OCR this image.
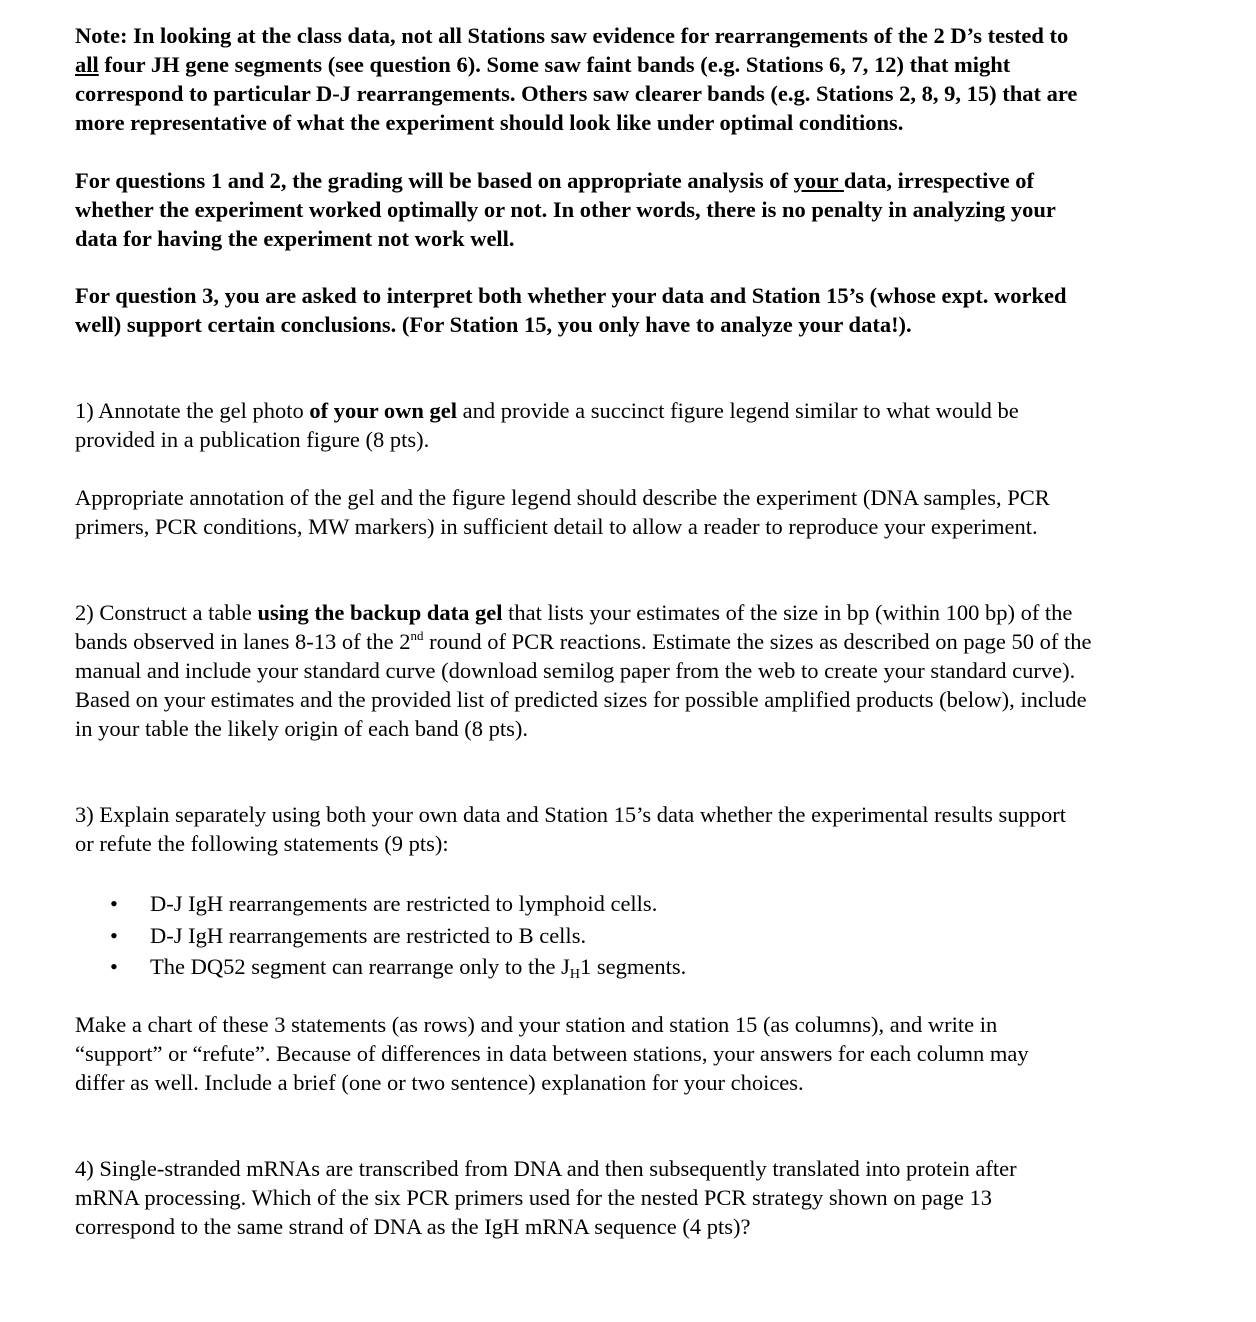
Note: In looking at the class data, not all Stations saw evidence for rearrangements of the 2 D’s tested to
all four JH gene segments (see question 6). Some saw faint bands (e.g. Stations 6, 7, 12) that might
correspond to particular D-J rearrangements. Others saw clearer bands (e.g. Stations 2, 8, 9, 15) that are
more representative of what the experiment should look like under optimal conditions.
For questions 1 and 2, the grading will be based on appropriate analysis of your data, irrespective of
whether the experiment worked optimally or not. In other words, there is no penalty in analyzing your
data for having the experiment not work well.
For question 3, you are asked to interpret both whether your data and Station 15’s (whose expt. worked
well) support certain conclusions. (For Station 15, you only have to analyze your data!).
1) Annotate the gel photo of your own gel and provide a succinct figure legend similar to what would be
provided in a publication figure (8 pts).
Appropriate annotation of the gel and the figure legend should describe the experiment (DNA samples, PCR
primers, PCR conditions, MW markers) in sufficient detail to allow a reader to reproduce your experiment.
2) Construct a table using the backup data gel that lists your estimates of the size in bp (within 100 bp) of the
bands observed in lanes 8-13 of the 2nd round of PCR reactions. Estimate the sizes as described on page 50 of the
manual and include your standard curve (download semilog paper from the web to create your standard curve).
Based on your estimates and the provided list of predicted sizes for possible amplified products (below), include
in your table the likely origin of each band (8 pts).
3) Explain separately using both your own data and Station 15’s data whether the experimental results support
or refute the following statements (9 pts):
• D-J IgH rearrangements are restricted to lymphoid cells.
• D-J IgH rearrangements are restricted to B cells.
• The DQ52 segment can rearrange only to the $J_H1$ segments.
Make a chart of these 3 statements (as rows) and your station and station 15 (as columns), and write in
“support” or “refute”. Because of differences in data between stations, your answers for each column may
differ as well. Include a brief (one or two sentence) explanation for your choices.
4) Single-stranded mRNAs are transcribed from DNA and then subsequently translated into protein after
mRNA processing. Which of the six PCR primers used for the nested PCR strategy shown on page 13
correspond to the same strand of DNA as the IgH mRNA sequence (4 pts)?
